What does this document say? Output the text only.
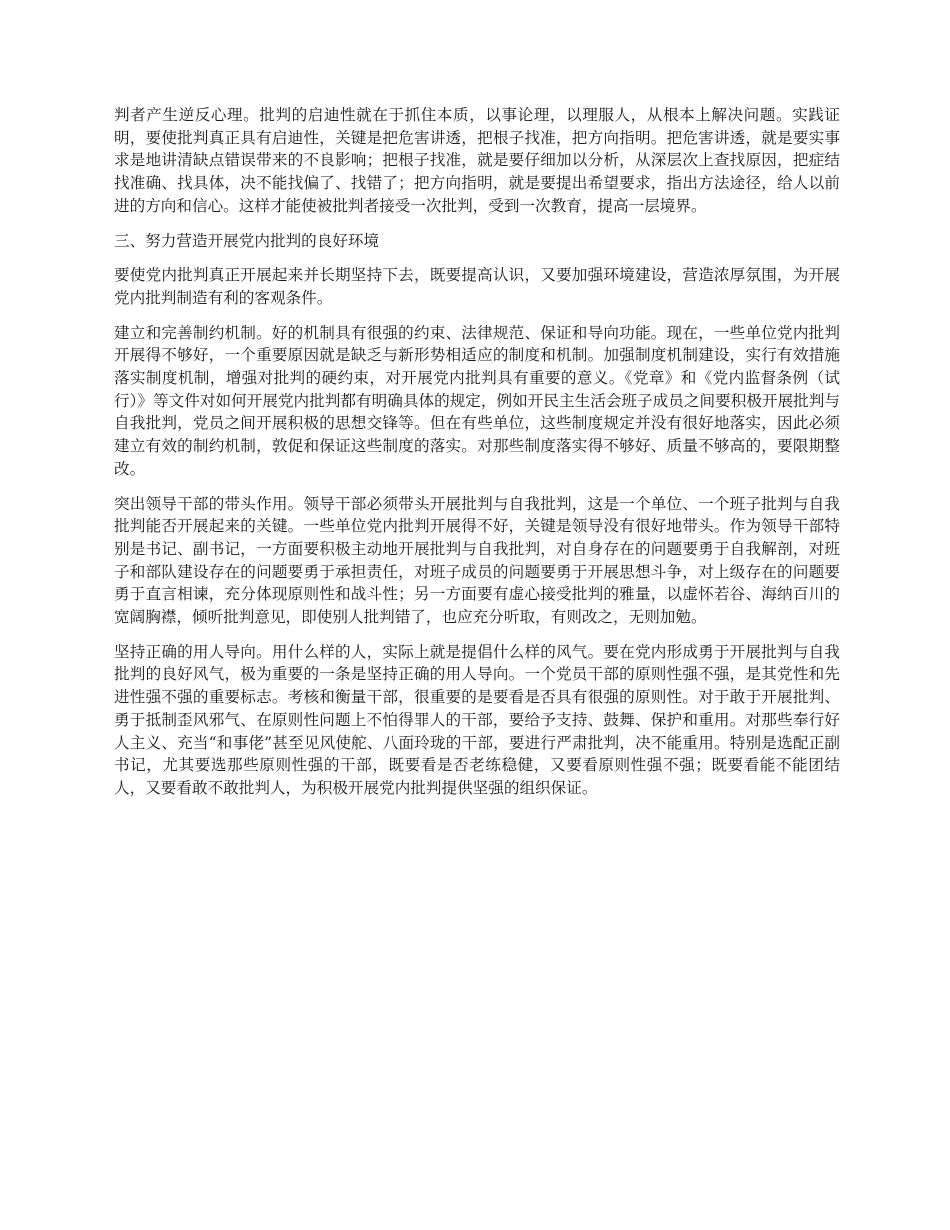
判者产生逆反心理。批判的启迪性就在于抓住本质，以事论理，以理服人，从根本上解决问题。实践证明，要使批判真正具有启迪性，关键是把危害讲透，把根子找准，把方向指明。把危害讲透，就是要实事求是地讲清缺点错误带来的不良影响；把根子找准，就是要仔细加以分析，从深层次上查找原因，把症结找准确、找具体，决不能找偏了、找错了；把方向指明，就是要提出希望要求，指出方法途径，给人以前进的方向和信心。这样才能使被批判者接受一次批判，受到一次教育，提高一层境界。

三、努力营造开展党内批判的良好环境

要使党内批判真正开展起来并长期坚持下去，既要提高认识，又要加强环境建设，营造浓厚氛围，为开展党内批判制造有利的客观条件。

建立和完善制约机制。好的机制具有很强的约束、法律规范、保证和导向功能。现在，一些单位党内批判开展得不够好，一个重要原因就是缺乏与新形势相适应的制度和机制。加强制度机制建设，实行有效措施落实制度机制，增强对批判的硬约束，对开展党内批判具有重要的意义。《党章》和《党内监督条例（试行）》等文件对如何开展党内批判都有明确具体的规定，例如开民主生活会班子成员之间要积极开展批判与自我批判，党员之间开展积极的思想交锋等。但在有些单位，这些制度规定并没有很好地落实，因此必须建立有效的制约机制，敦促和保证这些制度的落实。对那些制度落实得不够好、质量不够高的，要限期整改。

突出领导干部的带头作用。领导干部必须带头开展批判与自我批判，这是一个单位、一个班子批判与自我批判能否开展起来的关键。一些单位党内批判开展得不好，关键是领导没有很好地带头。作为领导干部特别是书记、副书记，一方面要积极主动地开展批判与自我批判，对自身存在的问题要勇于自我解剖，对班子和部队建设存在的问题要勇于承担责任，对班子成员的问题要勇于开展思想斗争，对上级存在的问题要勇于直言相谏，充分体现原则性和战斗性；另一方面要有虚心接受批判的雅量，以虚怀若谷、海纳百川的宽阔胸襟，倾听批判意见，即使别人批判错了，也应充分听取，有则改之，无则加勉。

坚持正确的用人导向。用什么样的人，实际上就是提倡什么样的风气。要在党内形成勇于开展批判与自我批判的良好风气，极为重要的一条是坚持正确的用人导向。一个党员干部的原则性强不强，是其党性和先进性强不强的重要标志。考核和衡量干部，很重要的是要看是否具有很强的原则性。对于敢于开展批判、勇于抵制歪风邪气、在原则性问题上不怕得罪人的干部，要给予支持、鼓舞、保护和重用。对那些奉行好人主义、充当“和事佬”甚至见风使舵、八面玲珑的干部，要进行严肃批判，决不能重用。特别是选配正副书记，尤其要选那些原则性强的干部，既要看是否老练稳健，又要看原则性强不强；既要看能不能团结人，又要看敢不敢批判人，为积极开展党内批判提供坚强的组织保证。
